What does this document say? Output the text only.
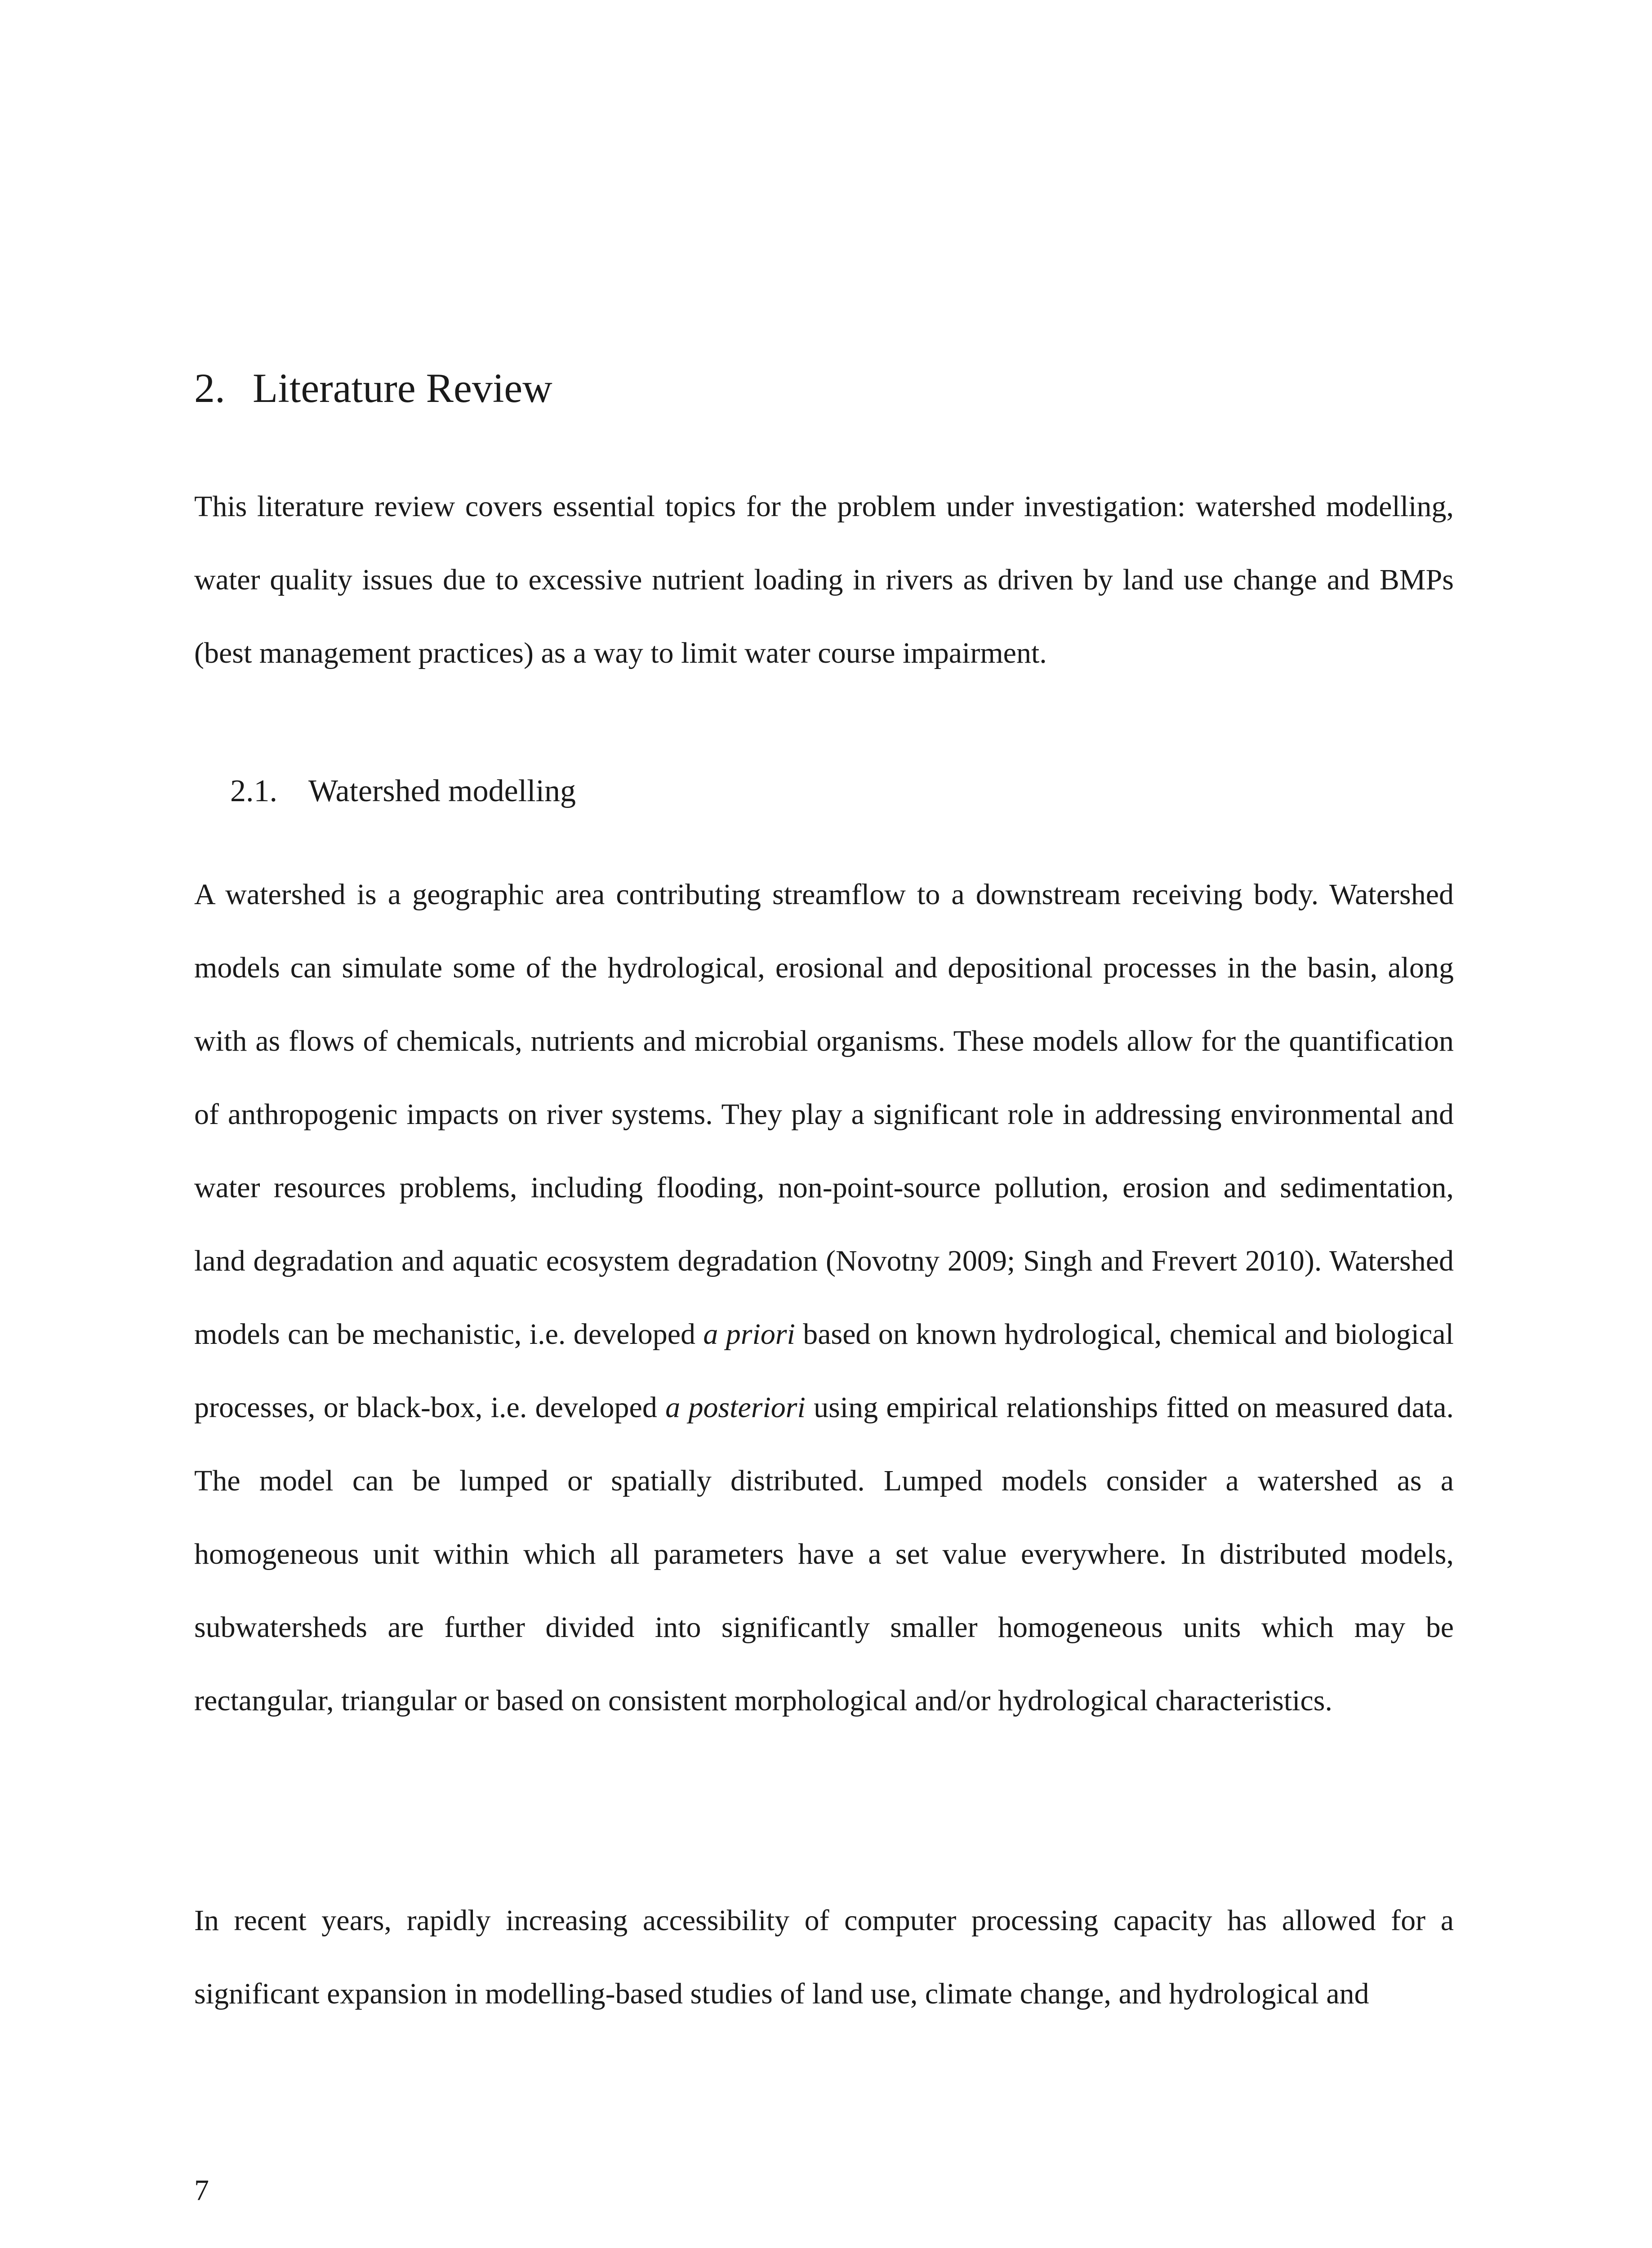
2. Literature Review

This literature review covers essential topics for the problem under investigation: watershed modelling, water quality issues due to excessive nutrient loading in rivers as driven by land use change and BMPs (best management practices) as a way to limit water course impairment.

2.1. Watershed modelling

A watershed is a geographic area contributing streamflow to a downstream receiving body. Watershed models can simulate some of the hydrological, erosional and depositional processes in the basin, along with as flows of chemicals, nutrients and microbial organisms. These models allow for the quantification of anthropogenic impacts on river systems. They play a significant role in addressing environmental and water resources problems, including flooding, non-point-source pollution, erosion and sedimentation, land degradation and aquatic ecosystem degradation (Novotny 2009; Singh and Frevert 2010). Watershed models can be mechanistic, i.e. developed a priori based on known hydrological, chemical and biological processes, or black-box, i.e. developed a posteriori using empirical relationships fitted on measured data. The model can be lumped or spatially distributed. Lumped models consider a watershed as a homogeneous unit within which all parameters have a set value everywhere. In distributed models, subwatersheds are further divided into significantly smaller homogeneous units which may be rectangular, triangular or based on consistent morphological and/or hydrological characteristics.

In recent years, rapidly increasing accessibility of computer processing capacity has allowed for a significant expansion in modelling-based studies of land use, climate change, and hydrological and

7
